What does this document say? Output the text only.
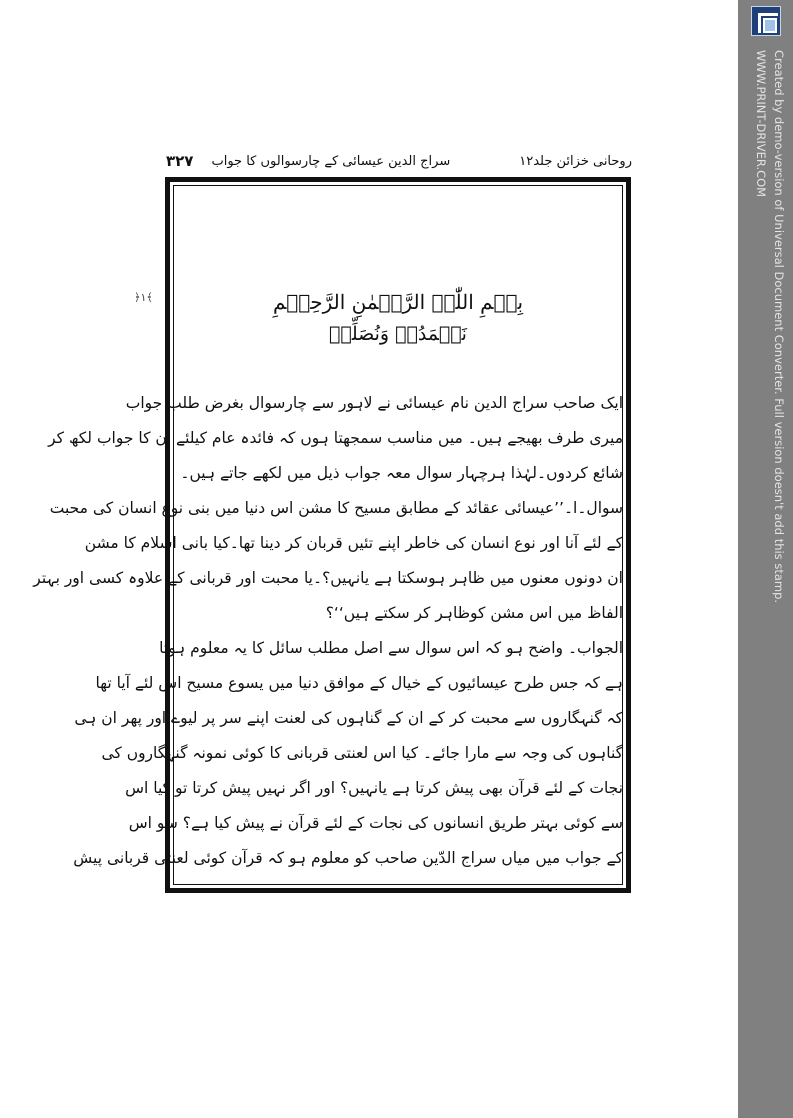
روحانی خزائن جلد۱۲
سراج الدین عیسائی کے چارسوالوں کا جواب
۳۲۷
﴿۱﴾	بِسۡمِ اللّٰہِ الرَّحۡمٰنِ الرَّحِیۡمِ
نَحۡمَدُہٗ وَنُصَلِّیۡ
ایک صاحب سراج الدین نام عیسائی نے لاہور سے چارسوال بغرض طلب جواب
میری طرف بھیجے ہیں۔ میں مناسب سمجھتا ہوں کہ فائدہ عام کیلئے ان کا جواب لکھ کر
شائع کردوں۔لہٰذا ہرچہار سوال معہ جواب ذیل میں لکھے جاتے ہیں۔
سوال۔ا۔’’عیسائی عقائد کے مطابق مسیح کا مشن اس دنیا میں بنی نوع انسان کی محبت
کے لئے آنا اور نوع انسان کی خاطر اپنے تئیں قربان کر دینا تھا۔کیا بانی اسلام کا مشن
ان دونوں معنوں میں ظاہر ہوسکتا ہے یانہیں؟۔یا محبت اور قربانی کے علاوہ کسی اور بہتر
الفاظ میں اس مشن کوظاہر کر سکتے ہیں‘‘؟
الجواب۔ واضح ہو کہ اس سوال سے اصل مطلب سائل کا یہ معلوم ہوتا
ہے کہ جس طرح عیسائیوں کے خیال کے موافق دنیا میں یسوع مسیح اس لئے آیا تھا
کہ گنہگاروں سے محبت کر کے ان کے گناہوں کی لعنت اپنے سر پر لیوے اور پھر ان ہی
گناہوں کی وجہ سے مارا جائے۔ کیا اس لعنتی قربانی کا کوئی نمونہ گنہگاروں کی
نجات کے لئے قرآن بھی پیش کرتا ہے یانہیں؟ اور اگر نہیں پیش کرتا تو کیا اس
سے کوئی بہتر طریق انسانوں کی نجات کے لئے قرآن نے پیش کیا ہے؟ سو اس
کے جواب میں میاں سراج الدّین صاحب کو معلوم ہو کہ قرآن کوئی لعنتی قربانی پیش
Created by demo-version of Universal Document Converter. Full version doesn't add this stamp.
WWW.PRINT-DRIVER.COM
